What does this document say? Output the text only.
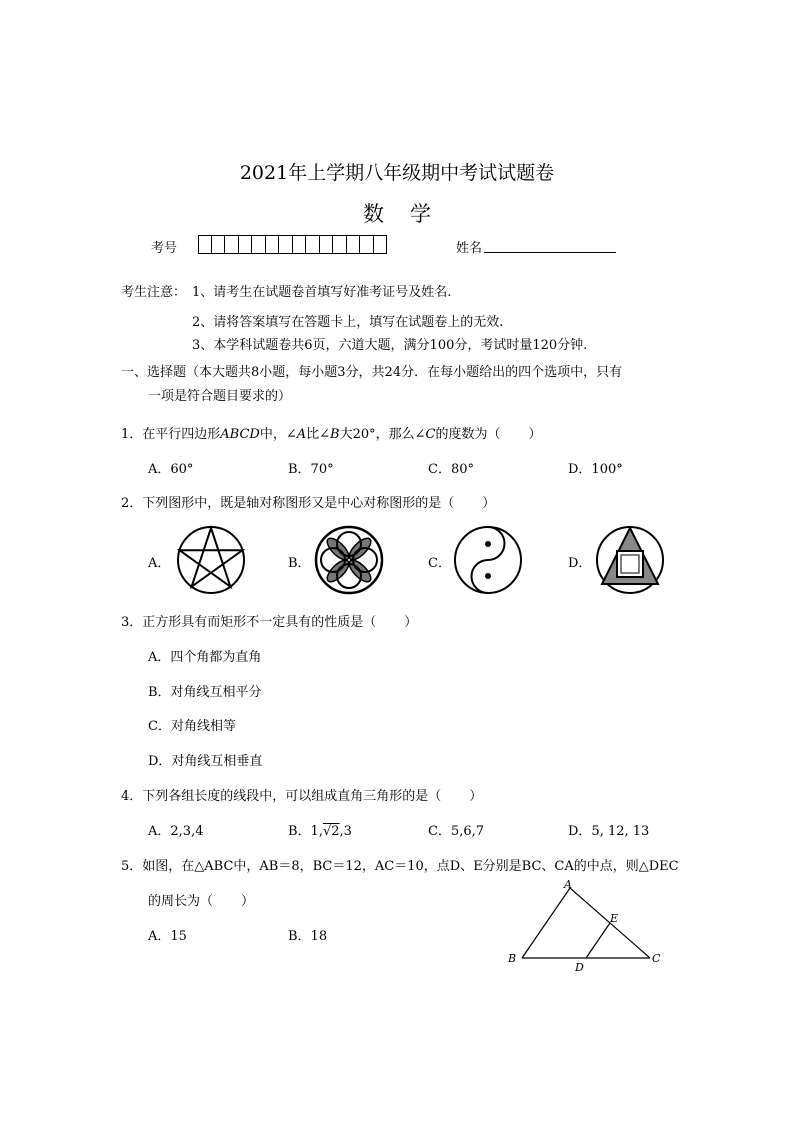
2021年上学期八年级期中考试试题卷
数学
考号	姓名
考生注意： 1、请考生在试题卷首填写好准考证号及姓名.
2、请将答案填写在答题卡上，填写在试题卷上的无效.
3、本学科试题卷共6页，六道大题，满分100分，考试时量120分钟.
一、选择题（本大题共8小题，每小题3分，共24分．在每小题给出的四个选项中，只有
一项是符合题目要求的）
1．在平行四边形ABCD中，∠A比∠B大20°，那么∠C的度数为（ ）
A．60°	B．70°	C．80°	D．100°
2．下列图形中，既是轴对称图形又是中心对称图形的是（ ）
A．	B．	C．	D．
3．正方形具有而矩形不一定具有的性质是（ ）
A．四个角都为直角
B．对角线互相平分
C．对角线相等
D．对角线互相垂直
4．下列各组长度的线段中，可以组成直角三角形的是（ ）
A．2,3,4	B．1,√2,3	C．5,6,7	D．5, 12, 13
5．如图，在△ABC中，AB＝8，BC＝12，AC＝10，点D、E分别是BC、CA的中点，则△DEC
的周长为（ ）
A．15	B．18
A
B	C
D
E
